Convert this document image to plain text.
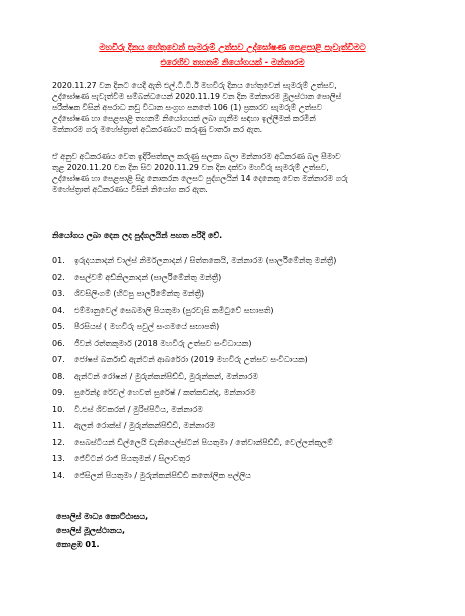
මහවීරු දිනය හේතුවෙන් සැමරුම් උත්සව උද්ඝෝෂණ පෙළපාළි පැවැත්වීමට
එරෙහිව තහනම් නියෝගයක් - මන්නාරම

2020.11.27 වන දිනට යෙදී ඇති එල්.ටී.ටී.ඊ මහවීරු දිනය හේතුවෙන් සැමරුම් උත්සව,
උද්ඝෝෂණ පැවැත්වීම සම්බන්ධයෙන් 2020.11.19 වන දින මන්නාරම මූලස්ථාන පොලිස්
පරීක්ෂක විසින් අපරාධ නඩු විධාන සංග්‍රහ පනතේ 106 (1) ප්‍රකාරව සැමරුම් උත්සව
උද්ඝෝෂණ හා පෙළපාළි තහනම් නියෝගයක් ලබා ගැනීම සඳහා ඉල්ලීමක් කරමින්
මන්නාරම ගරු මහේස්ත්‍රාත් අධිකරණයට කරුණු වාර්තා කර ඇත.

ඒ අනුව අධිකරණය වෙත ඉදිරිපත්කල කරුණු සලකා බලා මන්නාරම අධිකරණ බල සීමාව
තුළ 2020.11.20 වන දින සිට 2020.11.29 වන දින දක්වා මහවීරු සැමරුම් උත්සව,
උද්ඝෝෂණ හා පෙළපාළි සිදු නොකරන ලෙසට පුද්ගලයින් 14 දෙනෙකු වෙත මන්නාරම ගරු
මහේස්ත්‍රාත් අධිකරණය විසින් නියෝග කර ඇත.

නියෝගය ලබා දෙන ලද පුද්ගලයින් පහත පරිදි වේ.
01. ඉරුදයනාදන් චාල්ස් නිර්මලනාදන් / සිත්තකෙයි, මන්නාරම (පාර්ලිමේන්තු මන්ත්‍රී)
02. සෙල්වම් අඩ්කිලනාදන් (පාර්ලිමේන්තු මන්ත්‍රී)
03. ශිවසිලිංගම් (හිටපු පාර්ලිමේන්තු මන්ත්‍රී)
04. එම්මානුවෙල් සෙබමාලි පියතුමා (පුරවැසි කමිටුවේ සභාපති)
05. පීරසියස් ( මහවීරු පවුල් සංගමයේ සභාපති)
06. ජීවන් රත්තකුමාර් (2018 මහවීරු උත්සව සංවිධායක)
07. ජෝෂප් බර්නාඩ් ඇන්ටන් ආබරේරා (2019 මහවීරු උත්සව සංවිධායක)
08. ඇන්ටන් රෝෂන් / මුරුන්කන්පිඩ්ඩි, මුරුන්කන්, මන්නාරම
09. සුරේන්ද්‍ර රේවල් හෙවත් සුරේෂ් / කත්කඩන්ද, මන්නාරම
10. වී.එස් ශිවකරන් / මුරිප්පිටිය, මන්නාරම
11. ඇලන් රොක්ස් / මුරුන්කන්පිඩ්ඩි, මන්නාරම
12. සෙබස්ටියන් ඩිල්ලෙයි ඩැනියෙල්ස්ටන් පියතුමා / තේවාන්පිඩ්ඩි, වෙල්ලන්කුලම්
13. ජේවිටන් රාජ් පියතුමන් / සිලාවතුර
14. ජේසිලන් පියතුමා / මුරුන්කන්පිඩ්ඩි කතෝලික පල්ලිය
පොලිස් මාධ්‍ය කොට්ඨාසය,
පොලිස් මූලස්ථානය,
කොළඹ 01.
